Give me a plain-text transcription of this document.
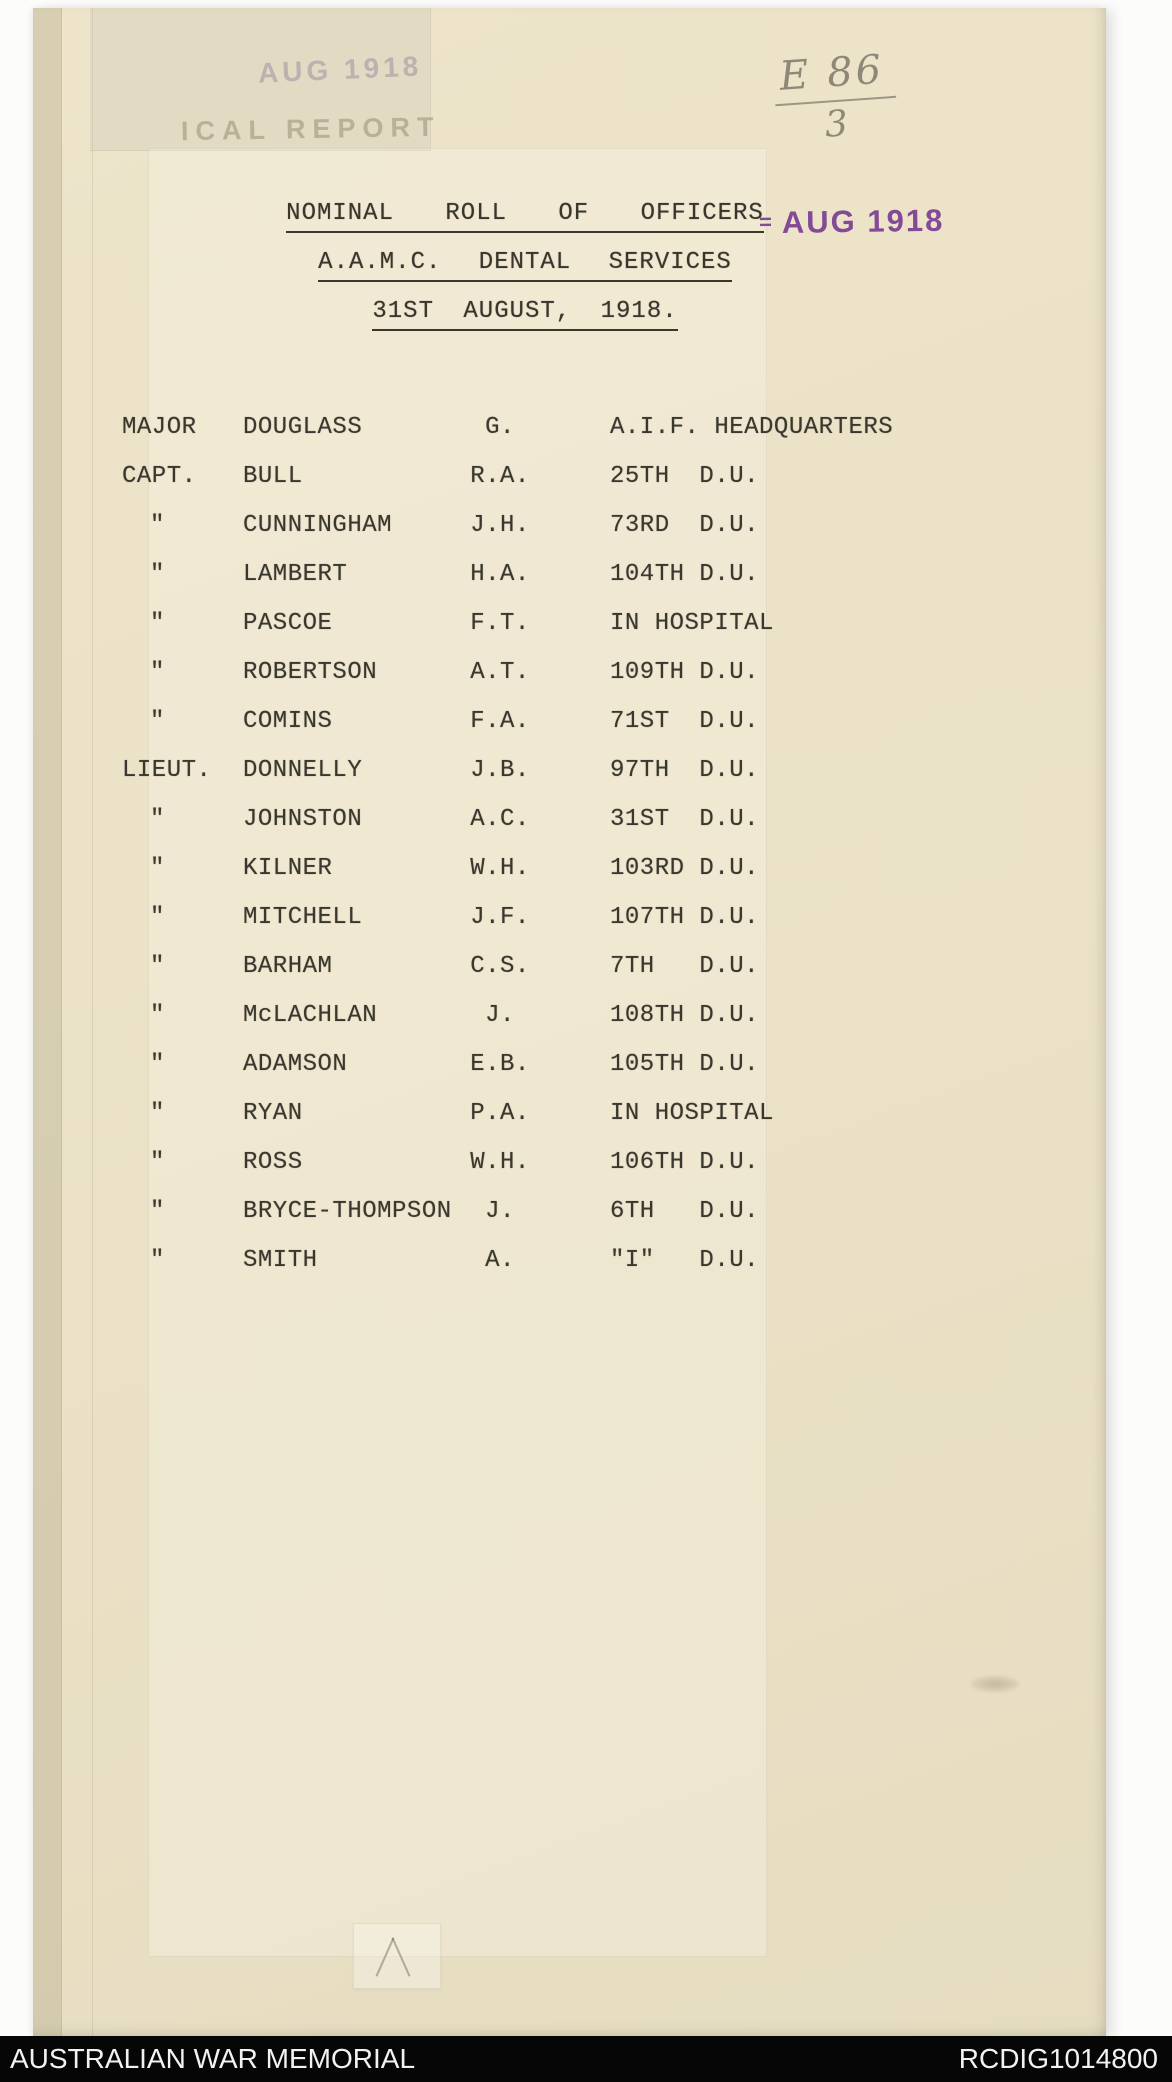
AUG 1918
ICAL REPORT	$\frac{E 86}{3}$
= AUG 1918
NOMINAL ROLL OF OFFICERS
A.A.M.C. DENTAL SERVICES
31ST AUGUST, 1918.
MAJOR	DOUGLASS	G.	A.I.F. HEADQUARTERS
CAPT.	BULL	R.A.	25TH  D.U.
"	CUNNINGHAM	J.H.	73RD  D.U.
"	LAMBERT	H.A.	104TH D.U.
"	PASCOE	F.T.	IN HOSPITAL
"	ROBERTSON	A.T.	109TH D.U.
"	COMINS	F.A.	71ST  D.U.
LIEUT.	DONNELLY	J.B.	97TH  D.U.
"	JOHNSTON	A.C.	31ST  D.U.
"	KILNER	W.H.	103RD D.U.
"	MITCHELL	J.F.	107TH D.U.
"	BARHAM	C.S.	7TH   D.U.
"	McLACHLAN	J.	108TH D.U.
"	ADAMSON	E.B.	105TH D.U.
"	RYAN	P.A.	IN HOSPITAL
"	ROSS	W.H.	106TH D.U.
"	BRYCE-THOMPSON	J.	6TH   D.U.
"	SMITH	A.	"I"   D.U.
AUSTRALIAN WAR MEMORIAL	RCDIG1014800
